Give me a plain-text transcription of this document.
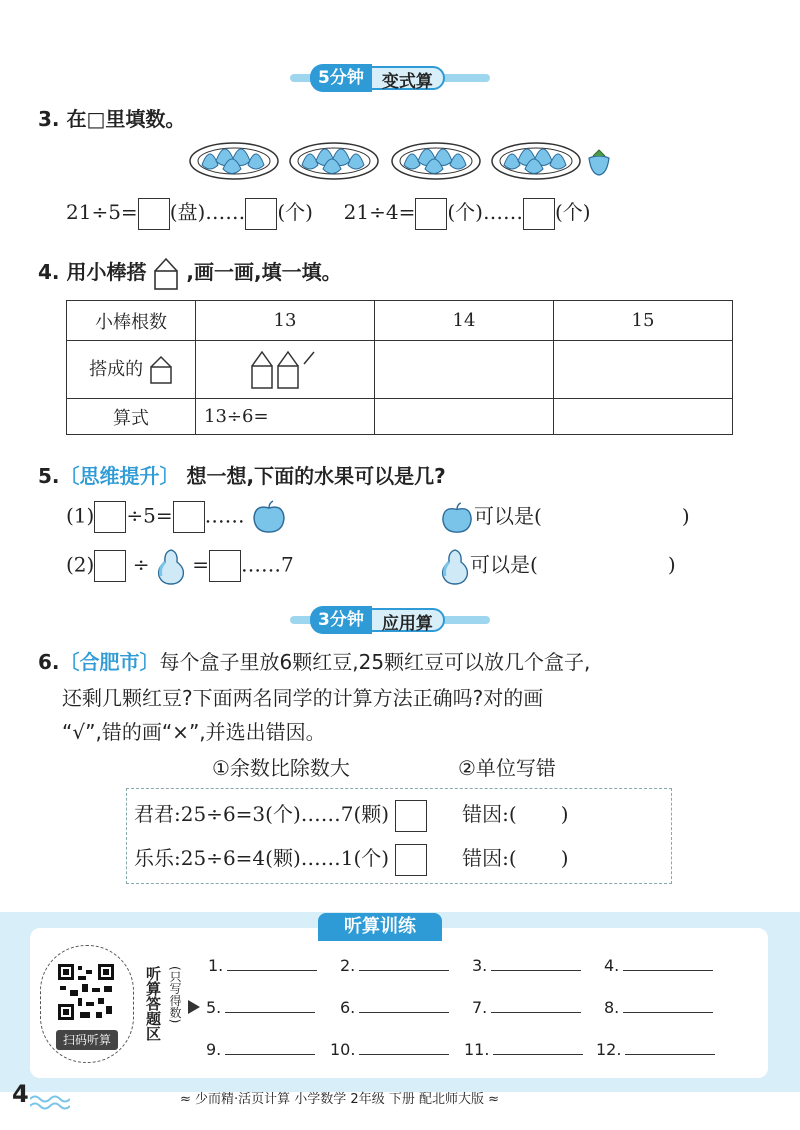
5分钟	变式算
3. 在□里填数。
21÷5= (盘)…… (个) 21÷4= (个)…… (个)
4. 用小棒搭 ,画一画,填一填。
小棒根数	13	14	15
搭成的			
算式	13÷6=		
5.〔思维提升〕 想一想,下面的水果可以是几?
(1) ÷5= ……	可以是(	)
(2) ÷ = ……7	可以是(	)
3分钟	应用算
6.〔合肥市〕每个盒子里放6颗红豆,25颗红豆可以放几个盒子,
还剩几颗红豆?下面两名同学的计算方法正确吗?对的画
“√”,错的画“×”,并选出错因。
①余数比除数大	②单位写错
君君:25÷6=3(个)……7(颗)	错因:( )
乐乐:25÷6=4(颗)……1(个)	错因:( )
听算训练
扫码听算	听算答题区 (只写得数)
1.	2.	3.	4.
5.	6.	7.	8.
9.	10.	11.	12.
4	≈ 少而精·活页计算 小学数学 2年级 下册 配北师大版 ≈
